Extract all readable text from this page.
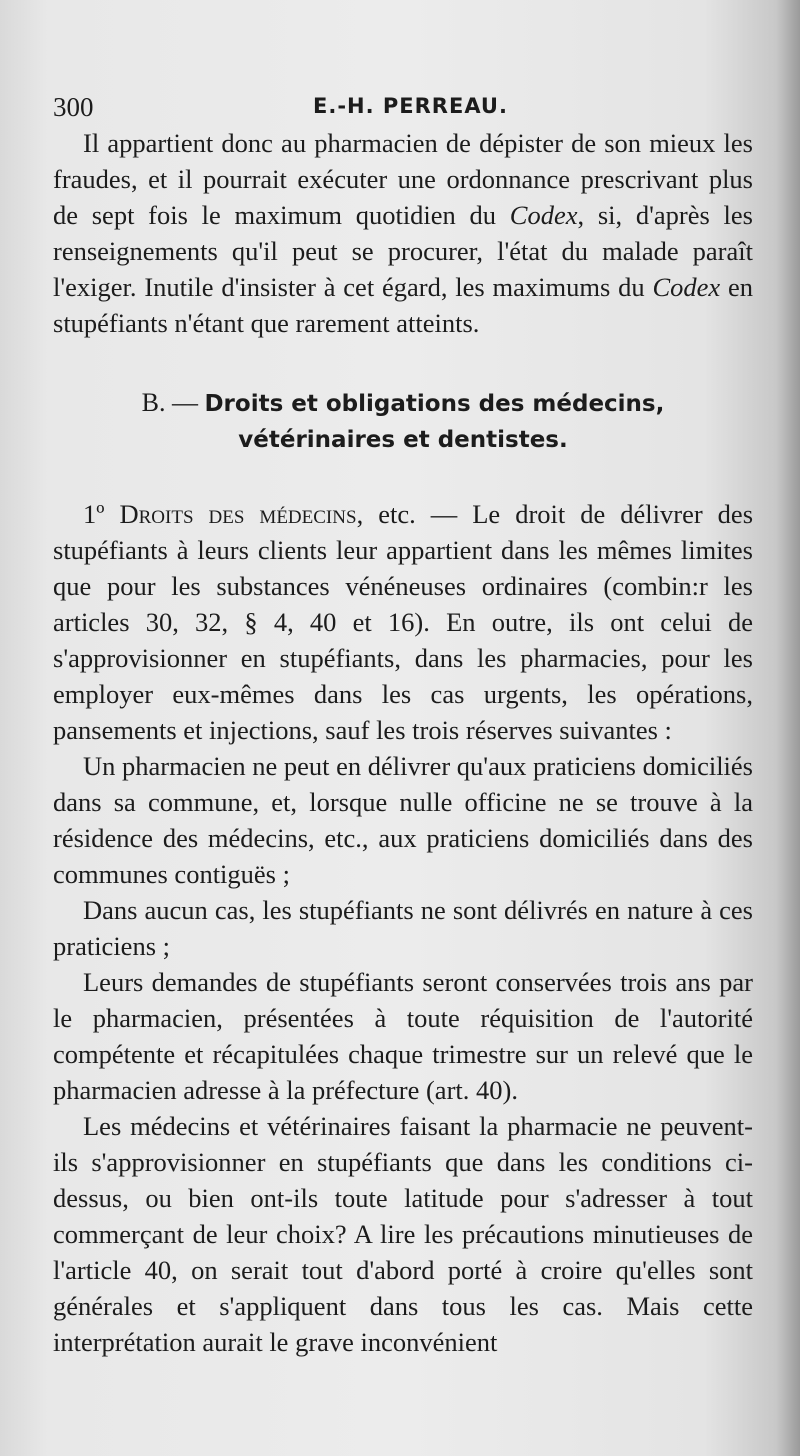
300	E.-H. PERREAU.

Il appartient donc au pharmacien de dépister de son mieux les fraudes, et il pourrait exécuter une ordonnance prescrivant plus de sept fois le maximum quotidien du Codex, si, d'après les renseignements qu'il peut se procurer, l'état du malade paraît l'exiger. Inutile d'insister à cet égard, les maximums du Codex en stupéfiants n'étant que rarement atteints.

B. — Droits et obligations des médecins,
vétérinaires et dentistes.

1º Droits des médecins, etc. — Le droit de délivrer des stupéfiants à leurs clients leur appartient dans les mêmes limites que pour les substances vénéneuses ordinaires (combin:r les articles 30, 32, § 4, 40 et 16). En outre, ils ont celui de s'approvisionner en stupéfiants, dans les pharmacies, pour les employer eux-mêmes dans les cas urgents, les opérations, pansements et injections, sauf les trois réserves suivantes :

Un pharmacien ne peut en délivrer qu'aux praticiens domiciliés dans sa commune, et, lorsque nulle officine ne se trouve à la résidence des médecins, etc., aux praticiens domiciliés dans des communes contiguës ;

Dans aucun cas, les stupéfiants ne sont délivrés en nature à ces praticiens ;

Leurs demandes de stupéfiants seront conservées trois ans par le pharmacien, présentées à toute réquisition de l'autorité compétente et récapitulées chaque trimestre sur un relevé que le pharmacien adresse à la préfecture (art. 40).

Les médecins et vétérinaires faisant la pharmacie ne peuvent-ils s'approvisionner en stupéfiants que dans les conditions ci-dessus, ou bien ont-ils toute latitude pour s'adresser à tout commerçant de leur choix? A lire les précautions minutieuses de l'article 40, on serait tout d'abord porté à croire qu'elles sont générales et s'appliquent dans tous les cas. Mais cette interprétation aurait le grave inconvénient
